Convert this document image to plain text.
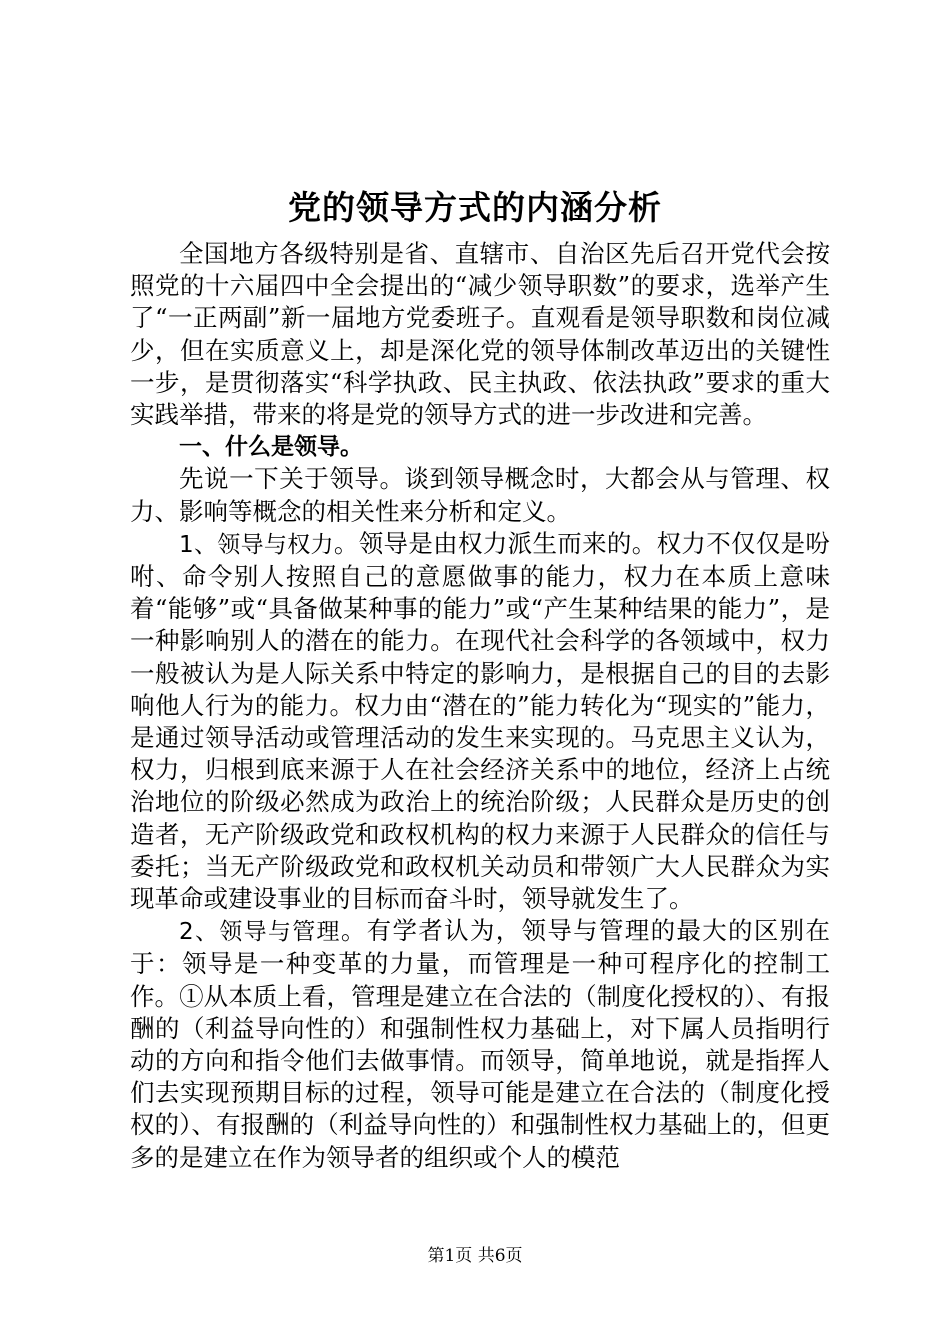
党的领导方式的内涵分析

全国地方各级特别是省、直辖市、自治区先后召开党代会按照党的十六届四中全会提出的“减少领导职数”的要求，选举产生了“一正两副”新一届地方党委班子。直观看是领导职数和岗位减少，但在实质意义上，却是深化党的领导体制改革迈出的关键性一步，是贯彻落实“科学执政、民主执政、依法执政”要求的重大实践举措，带来的将是党的领导方式的进一步改进和完善。

一、什么是领导。

先说一下关于领导。谈到领导概念时，大都会从与管理、权力、影响等概念的相关性来分析和定义。

1、领导与权力。领导是由权力派生而来的。权力不仅仅是吩咐、命令别人按照自己的意愿做事的能力，权力在本质上意味着“能够”或“具备做某种事的能力”或“产生某种结果的能力”，是一种影响别人的潜在的能力。在现代社会科学的各领域中，权力一般被认为是人际关系中特定的影响力，是根据自己的目的去影响他人行为的能力。权力由“潜在的”能力转化为“现实的”能力，是通过领导活动或管理活动的发生来实现的。马克思主义认为，权力，归根到底来源于人在社会经济关系中的地位，经济上占统治地位的阶级必然成为政治上的统治阶级；人民群众是历史的创造者，无产阶级政党和政权机构的权力来源于人民群众的信任与委托；当无产阶级政党和政权机关动员和带领广大人民群众为实现革命或建设事业的目标而奋斗时，领导就发生了。

2、领导与管理。有学者认为，领导与管理的最大的区别在于：领导是一种变革的力量，而管理是一种可程序化的控制工作。①从本质上看，管理是建立在合法的（制度化授权的）、有报酬的（利益导向性的）和强制性权力基础上，对下属人员指明行动的方向和指令他们去做事情。而领导，简单地说，就是指挥人们去实现预期目标的过程，领导可能是建立在合法的（制度化授权的）、有报酬的（利益导向性的）和强制性权力基础上的，但更多的是建立在作为领导者的组织或个人的模范

第1页 共6页
